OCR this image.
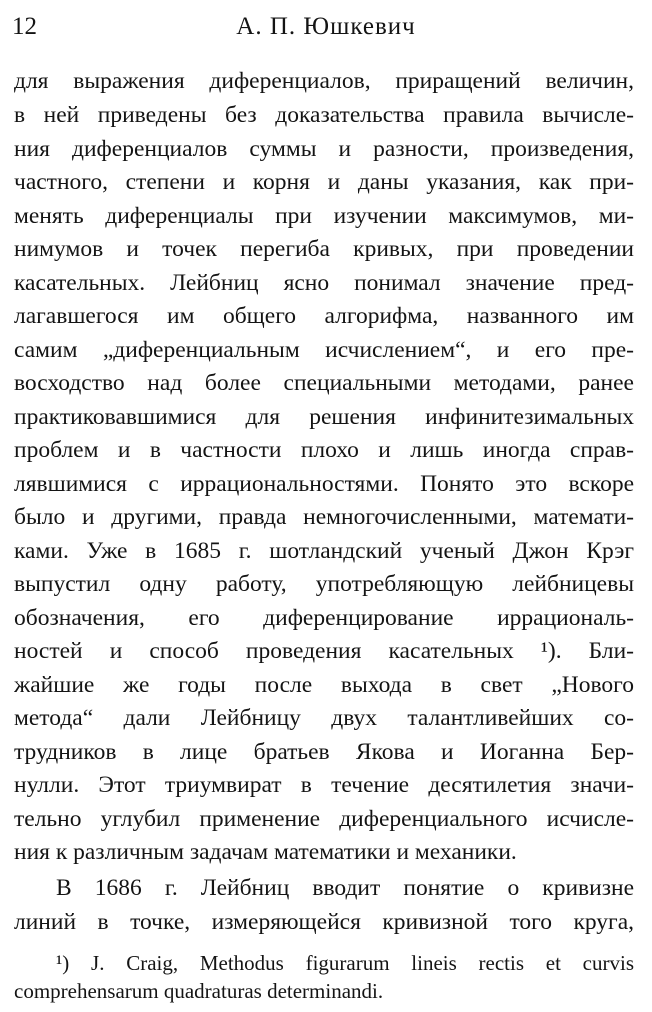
12	А. П. Юшкевич
для выражения диференциалов, приращений величин,
в ней приведены без доказательства правила вычисле-
ния диференциалов суммы и разности, произведения,
частного, степени и корня и даны указания, как при-
менять диференциалы при изучении максимумов, ми-
нимумов и точек перегиба кривых, при проведении
касательных. Лейбниц ясно понимал значение пред-
лагавшегося им общего алгорифма, названного им
самим „диференциальным исчислением“, и его пре-
восходство над более специальными методами, ранее
практиковавшимися для решения инфинитезимальных
проблем и в частности плохо и лишь иногда справ-
лявшимися с иррациональностями. Понято это вскоре
было и другими, правда немногочисленными, математи-
ками. Уже в 1685 г. шотландский ученый Джон Крэг
выпустил одну работу, употребляющую лейбницевы
обозначения, его диференцирование иррациональ-
ностей и способ проведения касательных ¹). Бли-
жайшие же годы после выхода в свет „Нового
метода“ дали Лейбницу двух талантливейших со-
трудников в лице братьев Якова и Иоганна Бер-
нулли. Этот триумвират в течение десятилетия значи-
тельно углубил применение диференциального исчисле-
ния к различным задачам математики и механики.
В 1686 г. Лейбниц вводит понятие о кривизне
линий в точке, измеряющейся кривизной того круга,
¹) J. Craig, Methodus figurarum lineis rectis et curvis
comprehensarum quadraturas determinandi.
